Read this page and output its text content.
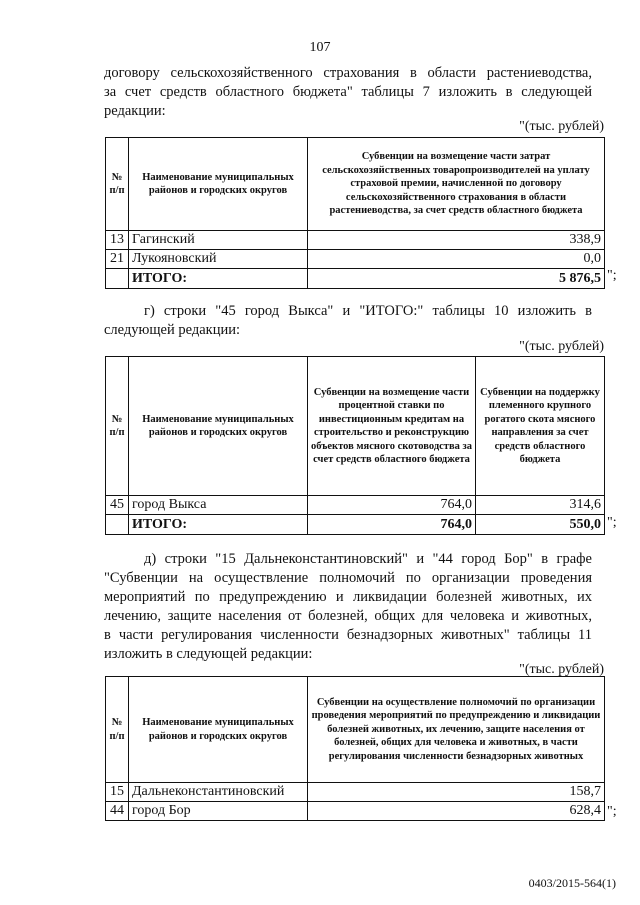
107
договору сельскохозяйственного страхования в области растениеводства,
за счет средств областного бюджета" таблицы 7 изложить в следующей
редакции:
"(тыс. рублей)
№ п/п	Наименование муниципальных районов и городских округов	Субвенции на возмещение части затрат сельскохозяйственных товаропроизводителей на уплату страховой премии, начисленной по договору сельскохозяйственного страхования в области растениеводства, за счет средств областного бюджета
13	Гагинский	338,9
21	Лукояновский	0,0
	ИТОГО:	5 876,5 ";
г) строки "45 город Выкса" и "ИТОГО:" таблицы 10 изложить в
следующей редакции:
"(тыс. рублей)
№ п/п	Наименование муниципальных районов и городских округов	Субвенции на возмещение части процентной ставки по инвестиционным кредитам на строительство и реконструкцию объектов мясного скотоводства за счет средств областного бюджета	Субвенции на поддержку племенного крупного рогатого скота мясного направления за счет средств областного бюджета
45	город Выкса	764,0	314,6
	ИТОГО:	764,0	550,0 ";
д) строки "15 Дальнеконстантиновский" и "44 город Бор" в графе
"Субвенции на осуществление полномочий по организации проведения
мероприятий по предупреждению и ликвидации болезней животных, их
лечению, защите населения от болезней, общих для человека и животных,
в части регулирования численности безнадзорных животных" таблицы 11
изложить в следующей редакции:
"(тыс. рублей)
№ п/п	Наименование муниципальных районов и городских округов	Субвенции на осуществление полномочий по организации проведения мероприятий по предупреждению и ликвидации болезней животных, их лечению, защите населения от болезней, общих для человека и животных, в части регулирования численности безнадзорных животных
15	Дальнеконстантиновский	158,7
44	город Бор	628,4 ";
0403/2015-564(1)
